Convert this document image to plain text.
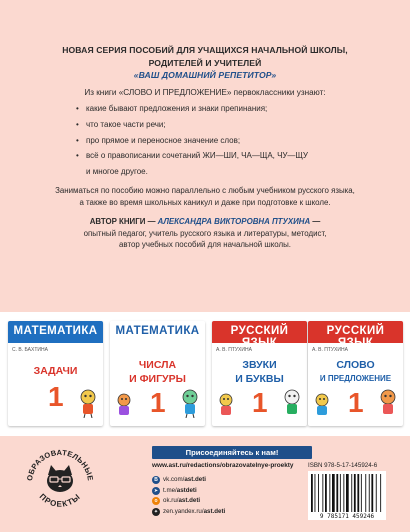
НОВАЯ СЕРИЯ ПОСОБИЙ ДЛЯ УЧАЩИХСЯ НАЧАЛЬНОЙ ШКОЛЫ,
РОДИТЕЛЕЙ И УЧИТЕЛЕЙ
«ВАШ ДОМАШНИЙ РЕПЕТИТОР»
Из книги «СЛОВО И ПРЕДЛОЖЕНИЕ» первоклассники узнают:
• какие бывают предложения и знаки препинания;
• что такое части речи;
• про прямое и переносное значение слов;
• всё о правописании сочетаний ЖИ—ШИ, ЧА—ЩА, ЧУ—ЩУ
и многое другое.
Заниматься по пособию можно параллельно с любым учебником русского языка,
а также во время школьных каникул и даже при подготовке к школе.
АВТОР КНИГИ — АЛЕКСАНДРА ВИКТОРОВНА ПТУХИНА —
опытный педагог, учитель русского языка и литературы, методист,
автор учебных пособий для начальной школы.
МАТЕМАТИКА
С. В. БАХТИНА
ЗАДАЧИ
1
МАТЕМАТИКА
ЧИСЛА
И ФИГУРЫ
1
РУССКИЙ ЯЗЫК
А. В. ПТУХИНА
ЗВУКИ
И БУКВЫ
1
РУССКИЙ ЯЗЫК
А. В. ПТУХИНА
СЛОВО
И ПРЕДЛОЖЕНИЕ
1
ОБРАЗОВАТЕЛЬНЫЕ
ПРОЕКТЫ
Присоединяйтесь к нам!
www.ast.ru/redactions/obrazovatelnye-proekty
В vk.com/ ast.deti
➤ t.me/ astdeti
о ok.ru/ ast.deti
✦ zen.yandex.ru/ ast.deti
ISBN 978-5-17-145924-6
9 785171 459246
